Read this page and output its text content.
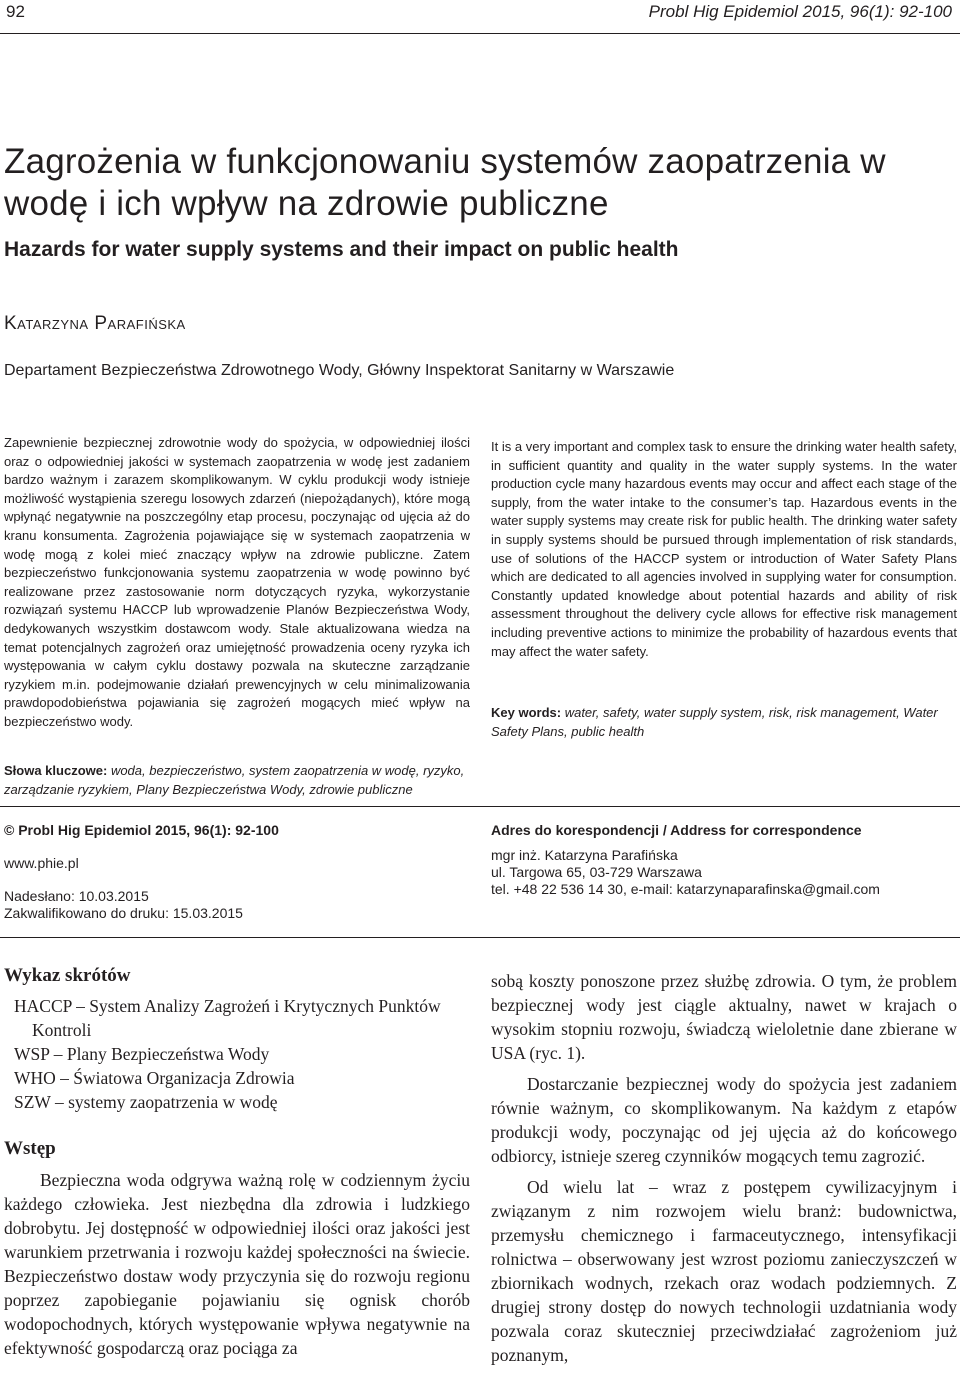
92	Probl Hig Epidemiol 2015, 96(1): 92-100
Zagrożenia w funkcjonowaniu systemów zaopatrzenia w wodę i ich wpływ na zdrowie publiczne
Hazards for water supply systems and their impact on public health
Katarzyna Parafińska
Departament Bezpieczeństwa Zdrowotnego Wody, Główny Inspektorat Sanitarny w Warszawie
Zapewnienie bezpiecznej zdrowotnie wody do spożycia, w odpowiedniej ilości oraz o odpowiedniej jakości w systemach zaopatrzenia w wodę jest zadaniem bardzo ważnym i zarazem skomplikowanym. W cyklu produkcji wody istnieje możliwość wystąpienia szeregu losowych zdarzeń (niepożądanych), które mogą wpłynąć negatywnie na poszczególny etap procesu, poczynając od ujęcia aż do kranu konsumenta. Zagrożenia pojawiające się w systemach zaopatrzenia w wodę mogą z kolei mieć znaczący wpływ na zdrowie publiczne. Zatem bezpieczeństwo funkcjonowania systemu zaopatrzenia w wodę powinno być realizowane przez zastosowanie norm dotyczących ryzyka, wykorzystanie rozwiązań systemu HACCP lub wprowadzenie Planów Bezpieczeństwa Wody, dedykowanych wszystkim dostawcom wody. Stale aktualizowana wiedza na temat potencjalnych zagrożeń oraz umiejętność prowadzenia oceny ryzyka ich występowania w całym cyklu dostawy pozwala na skuteczne zarządzanie ryzykiem m.in. podejmowanie działań prewencyjnych w celu minimalizowania prawdopodobieństwa pojawiania się zagrożeń mogących mieć wpływ na bezpieczeństwo wody.
Słowa kluczowe: woda, bezpieczeństwo, system zaopatrzenia w wodę, ryzyko, zarządzanie ryzykiem, Plany Bezpieczeństwa Wody, zdrowie publiczne
It is a very important and complex task to ensure the drinking water health safety, in sufficient quantity and quality in the water supply systems. In the water production cycle many hazardous events may occur and affect each stage of the supply, from the water intake to the consumer’s tap. Hazardous events in the water supply systems may create risk for public health. The drinking water safety in supply systems should be pursued through implementation of risk standards, use of solutions of the HACCP system or introduction of Water Safety Plans which are dedicated to all agencies involved in supplying water for consumption. Constantly updated knowledge about potential hazards and ability of risk assessment throughout the delivery cycle allows for effective risk management including preventive actions to minimize the probability of hazardous events that may affect the water safety.
Key words: water, safety, water supply system, risk, risk management, Water Safety Plans, public health
© Probl Hig Epidemiol 2015, 96(1): 92-100
www.phie.pl
Nadesłano: 10.03.2015
Zakwalifikowano do druku: 15.03.2015
Adres do korespondencji / Address for correspondence
mgr inż. Katarzyna Parafińska
ul. Targowa 65, 03-729 Warszawa
tel. +48 22 536 14 30, e-mail: katarzynaparafinska@gmail.com
Wykaz skrótów
HACCP – System Analizy Zagrożeń i Krytycznych Punktów Kontroli
WSP – Plany Bezpieczeństwa Wody
WHO – Światowa Organizacja Zdrowia
SZW – systemy zaopatrzenia w wodę
Wstęp
Bezpieczna woda odgrywa ważną rolę w codziennym życiu każdego człowieka. Jest niezbędna dla zdrowia i ludzkiego dobrobytu. Jej dostępność w odpowiedniej ilości oraz jakości jest warunkiem przetrwania i rozwoju każdej społeczności na świecie. Bezpieczeństwo dostaw wody przyczynia się do rozwoju regionu poprzez zapobieganie pojawianiu się ognisk chorób wodopochodnych, których występowanie wpływa negatywnie na efektywność gospodarczą oraz pociąga za

sobą koszty ponoszone przez służbę zdrowia. O tym, że problem bezpiecznej wody jest ciągle aktualny, nawet w krajach o wysokim stopniu rozwoju, świadczą wieloletnie dane zbierane w USA (ryc. 1).

Dostarczanie bezpiecznej wody do spożycia jest zadaniem równie ważnym, co skomplikowanym. Na każdym z etapów produkcji wody, poczynając od jej ujęcia aż do końcowego odbiorcy, istnieje szereg czynników mogących temu zagrozić.

Od wielu lat – wraz z postępem cywilizacyjnym i związanym z nim rozwojem wielu branż: budownictwa, przemysłu chemicznego i farmaceutycznego, intensyfikacji rolnictwa – obserwowany jest wzrost poziomu zanieczyszczeń w zbiornikach wodnych, rzekach oraz wodach podziemnych. Z drugiej strony dostęp do nowych technologii uzdatniania wody pozwala coraz skuteczniej przeciwdziałać zagrożeniom już poznanym,
